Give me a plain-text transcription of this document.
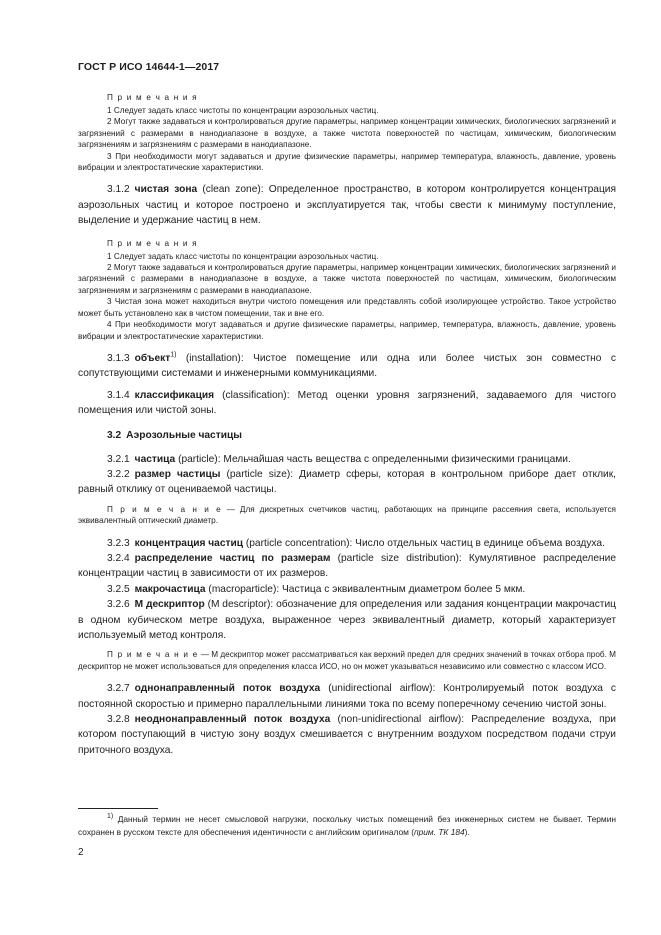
ГОСТ Р ИСО 14644-1—2017
П р и м е ч а н и я

1 Следует задать класс чистоты по концентрации аэрозольных частиц.

2 Могут также задаваться и контролироваться другие параметры, например концентрации химических, биологических загрязнений и загрязнений с размерами в нанодиапазоне в воздухе, а также чистота поверхностей по частицам, химическим, биологическим загрязнениям и загрязнениям с размерами в нанодиапазоне.

3 При необходимости могут задаваться и другие физические параметры, например температура, влажность, давление, уровень вибрации и электростатические характеристики.

3.1.2 чистая зона (clean zone): Определенное пространство, в котором контролируется концентрация аэрозольных частиц и которое построено и эксплуатируется так, чтобы свести к минимуму поступление, выделение и удержание частиц в нем.

П р и м е ч а н и я

1 Следует задать класс чистоты по концентрации аэрозольных частиц.

2 Могут также задаваться и контролироваться другие параметры, например концентрации химических, биологических загрязнений и загрязнений с размерами в нанодиапазоне в воздухе, а также чистота поверхностей по частицам, химическим, биологическим загрязнениям и загрязнениям с размерами в нанодиапазоне.

3 Чистая зона может находиться внутри чистого помещения или представлять собой изолирующее устройство. Такое устройство может быть установлено как в чистом помещении, так и вне его.

4 При необходимости могут задаваться и другие физические параметры, например, температура, влажность, давление, уровень вибрации и электростатические характеристики.

3.1.3 объект$^{1)}$ (installation): Чистое помещение или одна или более чистых зон совместно с сопутствующими системами и инженерными коммуникациями.

3.1.4 классификация (classification): Метод оценки уровня загрязнений, задаваемого для чистого помещения или чистой зоны.

3.2 Аэрозольные частицы

3.2.1 частица (particle): Мельчайшая часть вещества с определенными физическими границами.

3.2.2 размер частицы (particle size): Диаметр сферы, которая в контрольном приборе дает отклик, равный отклику от оцениваемой частицы.

П р и м е ч а н и е — Для дискретных счетчиков частиц, работающих на принципе рассеяния света, используется эквивалентный оптический диаметр.

3.2.3 концентрация частиц (particle concentration): Число отдельных частиц в единице объема воздуха.

3.2.4 распределение частиц по размерам (particle size distribution): Кумулятивное распределение концентрации частиц в зависимости от их размеров.

3.2.5 макрочастица (macroparticle): Частица с эквивалентным диаметром более 5 мкм.

3.2.6 М дескриптор (M descriptor): обозначение для определения или задания концентрации макрочастиц в одном кубическом метре воздуха, выраженное через эквивалентный диаметр, который характеризует используемый метод контроля.

П р и м е ч а н и е — М дескриптор может рассматриваться как верхний предел для средних значений в точках отбора проб. М дескриптор не может использоваться для определения класса ИСО, но он может указываться независимо или совместно с классом ИСО.

3.2.7 однонаправленный поток воздуха (unidirectional airflow): Контролируемый поток воздуха с постоянной скоростью и примерно параллельными линиями тока по всему поперечному сечению чистой зоны.

3.2.8 неоднонаправленный поток воздуха (non-unidirectional airflow): Распределение воздуха, при котором поступающий в чистую зону воздух смешивается с внутренним воздухом посредством подачи струи приточного воздуха.

$^{1)}$ Данный термин не несет смысловой нагрузки, поскольку чистых помещений без инженерных систем не бывает. Термин сохранен в русском тексте для обеспечения идентичности с английским оригиналом (прим. ТК 184).

2
